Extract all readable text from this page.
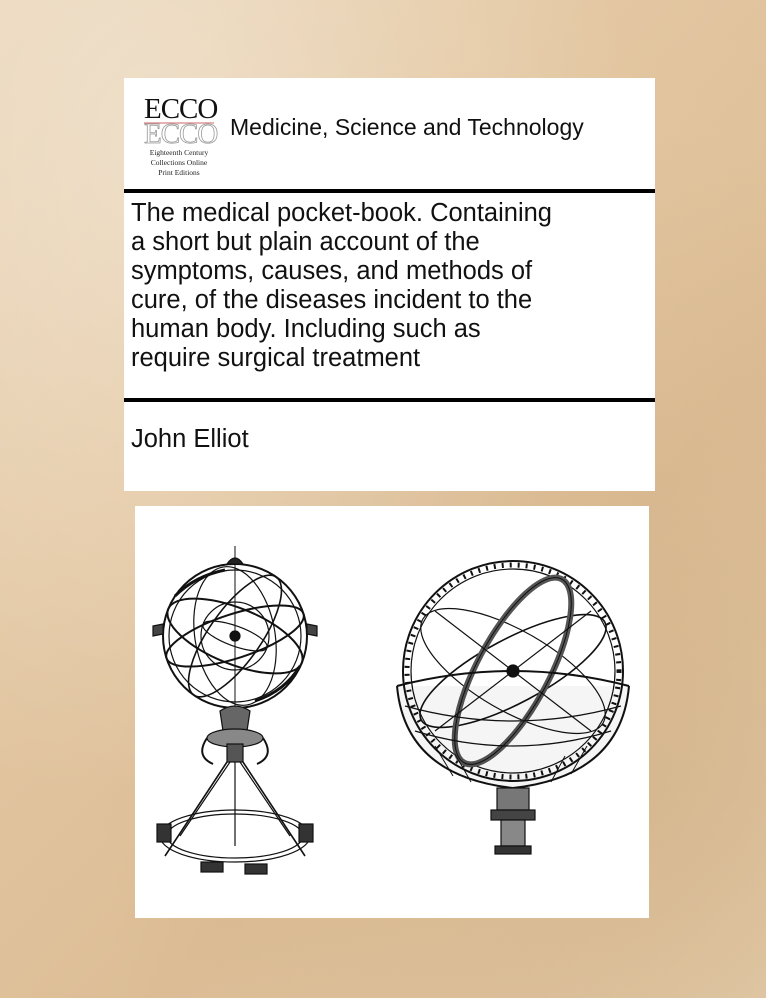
ECCO
ECCO
Eighteenth Century
Collections Online
Print Editions
Medicine, Science and Technology
The medical pocket-book. Containing
a short but plain account of the
symptoms, causes, and methods of
cure, of the diseases incident to the
human body. Including such as
require surgical treatment
John Elliot
